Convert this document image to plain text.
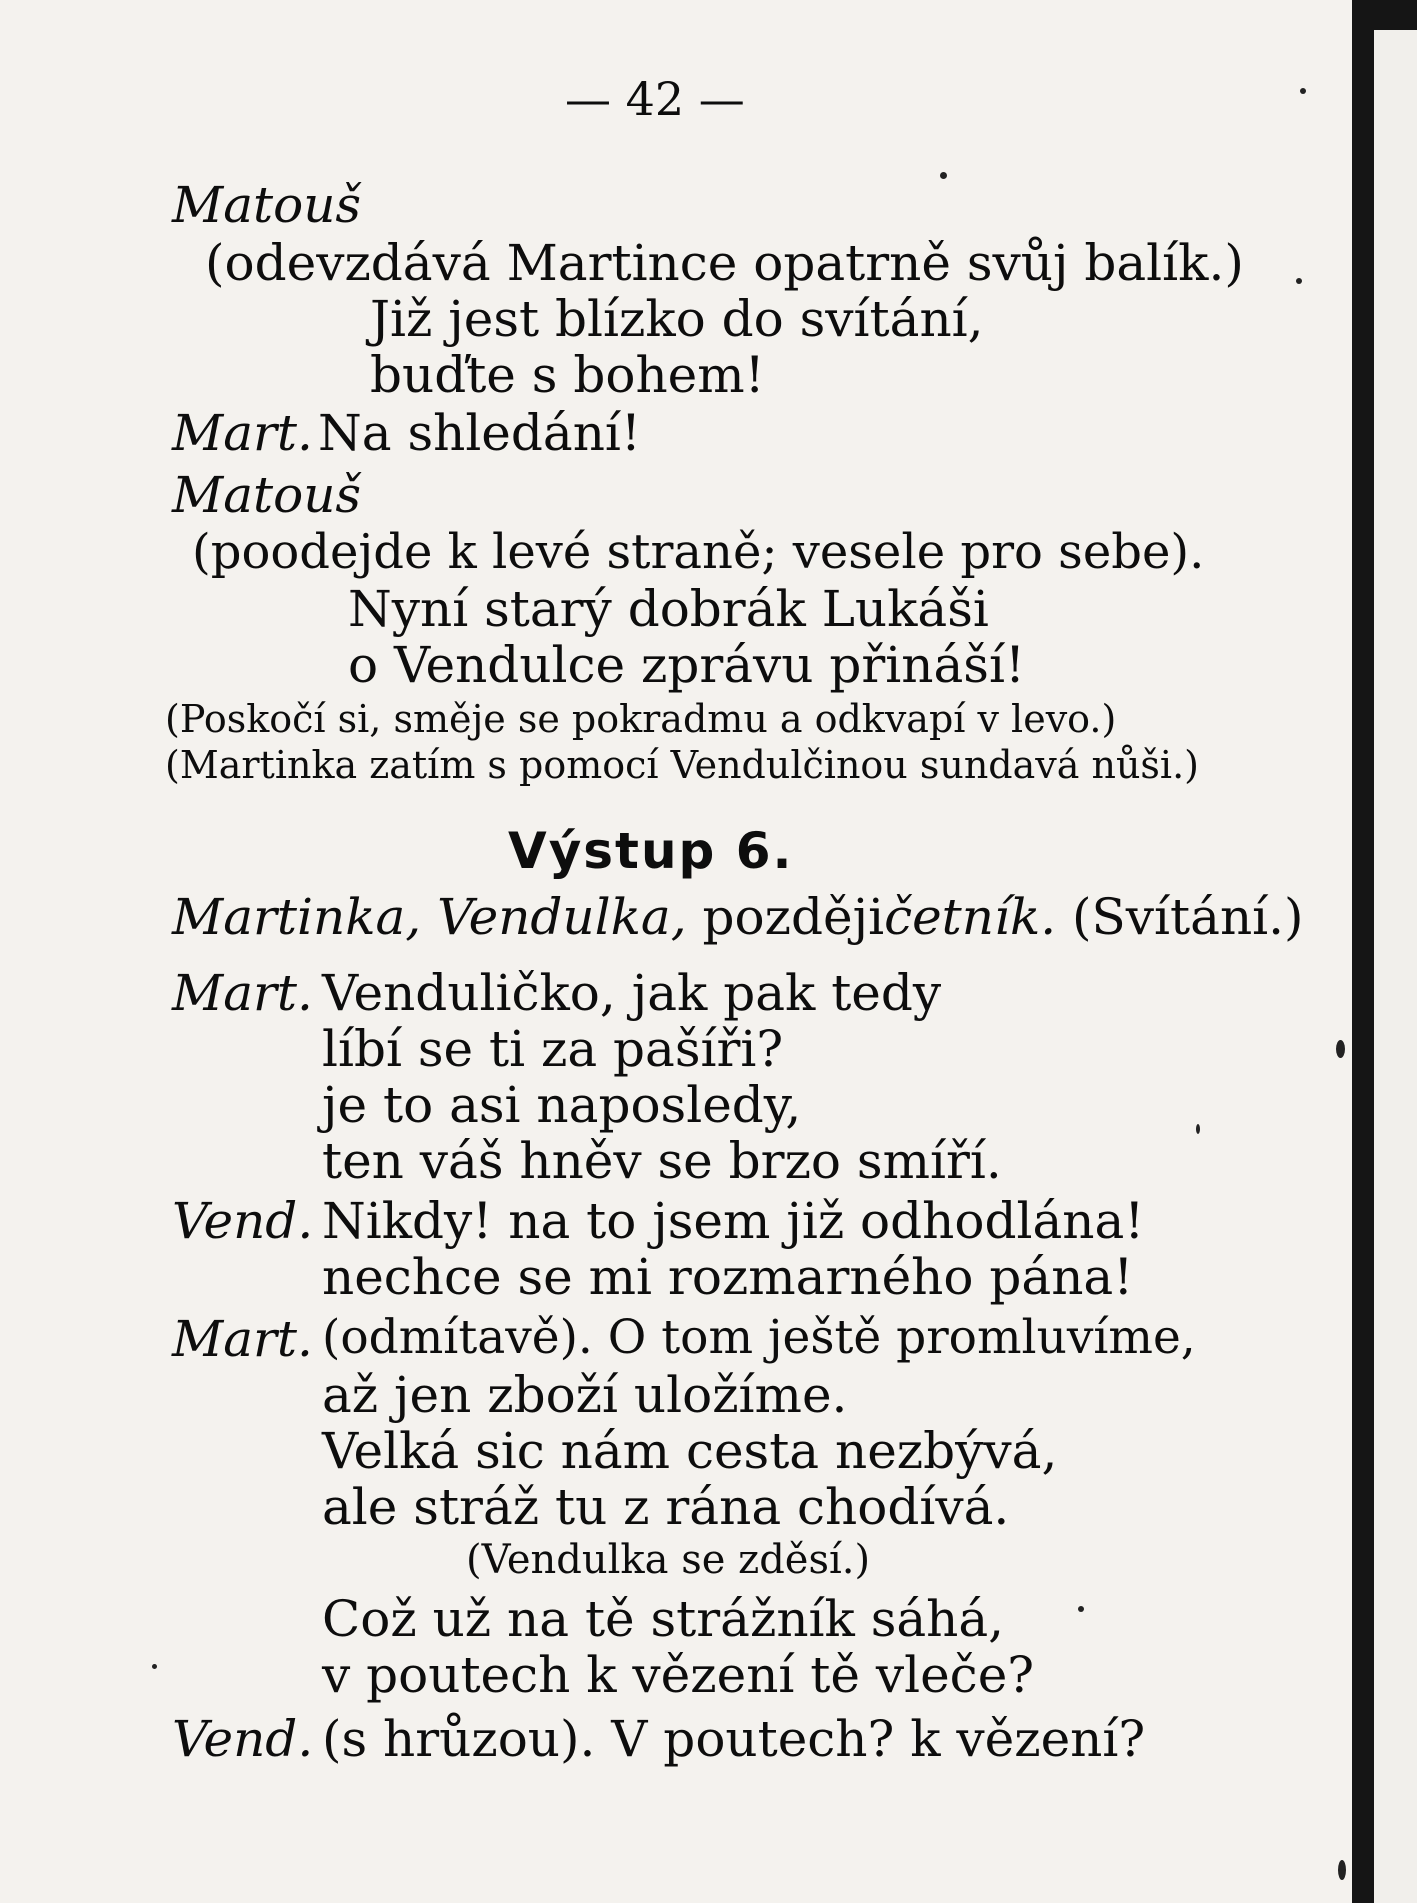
— 42 —
Matouš
(odevzdává Martince opatrně svůj balík.)
Již jest blízko do svítání,
buďte s bohem!
Mart. Na shledání!
Matouš
(poodejde k levé straně; vesele pro sebe).
Nyní starý dobrák Lukáši
o Vendulce zprávu přináší!
(Poskočí si, směje se pokradmu a odkvapí v levo.)
(Martinka zatím s pomocí Vendulčinou sundavá nůši.)
Výstup 6.
Martinka, Vendulka, pozdějičetník. (Svítání.)
Mart. Venduličko, jak pak tedy
líbí se ti za pašíři?
je to asi naposledy,
ten váš hněv se brzo smíří.
Vend. Nikdy! na to jsem již odhodlána!
nechce se mi rozmarného pána!
Mart. (odmítavě). O tom ještě promluvíme,
až jen zboží uložíme.
Velká sic nám cesta nezbývá,
ale stráž tu z rána chodívá.
(Vendulka se zděsí.)
Což už na tě strážník sáhá,
v poutech k vězení tě vleče?
Vend. (s hrůzou). V poutech? k vězení?
